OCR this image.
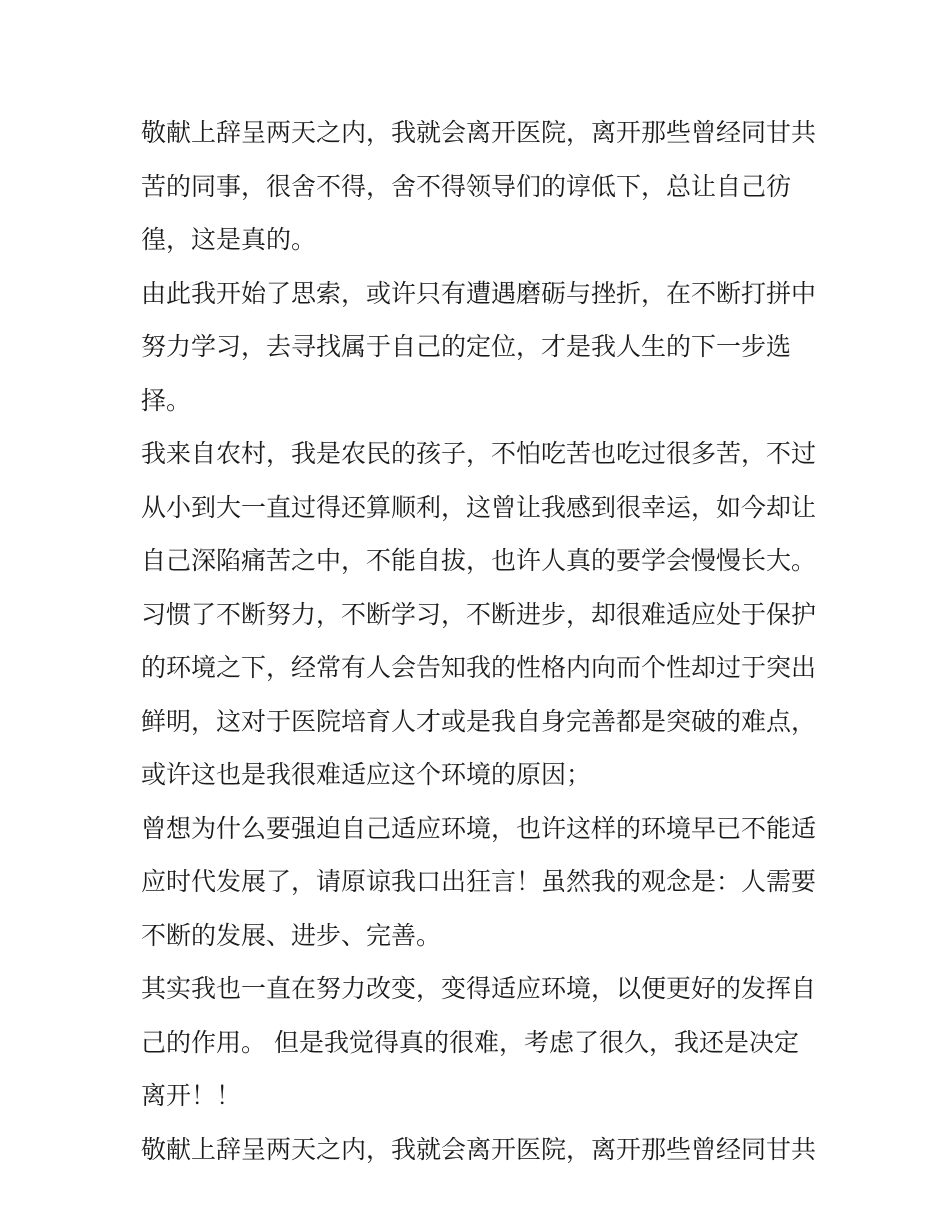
敬献上辞呈两天之内，我就会离开医院，离开那些曾经同甘共
苦的同事，很舍不得，舍不得领导们的谆低下，总让自己彷
徨，这是真的。

由此我开始了思索，或许只有遭遇磨砺与挫折，在不断打拼中
努力学习，去寻找属于自己的定位，才是我人生的下一步选
择。

我来自农村，我是农民的孩子，不怕吃苦也吃过很多苦，不过
从小到大一直过得还算顺利，这曾让我感到很幸运，如今却让
自己深陷痛苦之中，不能自拔，也许人真的要学会慢慢长大。

习惯了不断努力，不断学习，不断进步，却很难适应处于保护
的环境之下，经常有人会告知我的性格内向而个性却过于突出
鲜明，这对于医院培育人才或是我自身完善都是突破的难点，
或许这也是我很难适应这个环境的原因；

曾想为什么要强迫自己适应环境，也许这样的环境早已不能适
应时代发展了，请原谅我口出狂言！虽然我的观念是：人需要
不断的发展、进步、完善。

其实我也一直在努力改变，变得适应环境，以便更好的发挥自
己的作用。 但是我觉得真的很难，考虑了很久，我还是决定
离开！！

敬献上辞呈两天之内，我就会离开医院，离开那些曾经同甘共
